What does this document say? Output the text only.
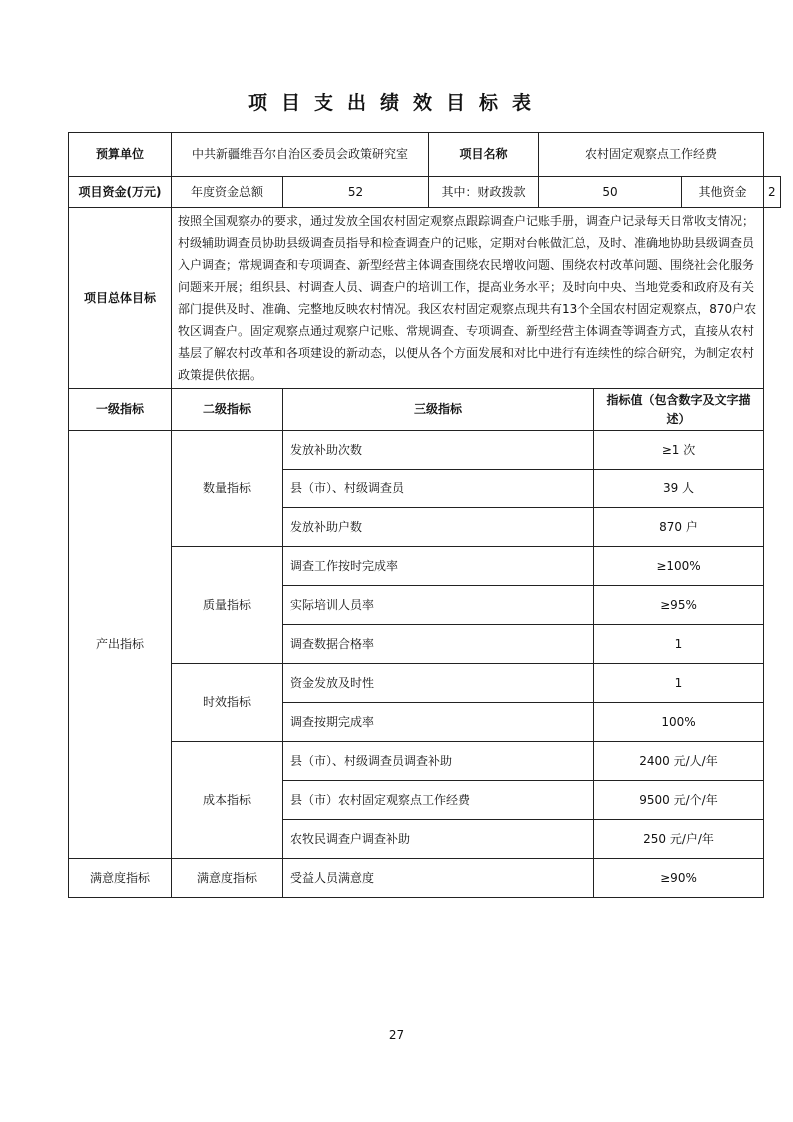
项目支出绩效目标表
预算单位	中共新疆维吾尔自治区委员会政策研究室		项目名称	农村固定观察点工作经费			
项目资金(万元)	年度资金总额	52	其中：财政拨款	50		其他资金	2
项目总体目标	按照全国观察办的要求，通过发放全国农村固定观察点跟踪调查户记账手册，调查户记录每天日常收支情况；村级辅助调查员协助县级调查员指导和检查调查户的记账，定期对台帐做汇总，及时、准确地协助县级调查员入户调查；常规调查和专项调查、新型经营主体调查围绕农民增收问题、围绕农村改革问题、围绕社会化服务问题来开展；组织县、村调查人员、调查户的培训工作，提高业务水平；及时向中央、当地党委和政府及有关部门提供及时、准确、完整地反映农村情况。我区农村固定观察点现共有13个全国农村固定观察点，870户农牧区调查户。固定观察点通过观察户记账、常规调查、专项调查、新型经营主体调查等调查方式，直接从农村基层了解农村改革和各项建设的新动态，以便从各个方面发展和对比中进行有连续性的综合研究，为制定农村政策提供依据。						
一级指标	二级指标	三级指标			指标值（包含数字及文字描述）		
产出指标	数量指标	发放补助次数			≥1 次		
		县（市）、村级调查员			39 人		
		发放补助户数			870 户		
	质量指标	调查工作按时完成率			≥100%		
		实际培训人员率			≥95%		
		调查数据合格率			1		
	时效指标	资金发放及时性			1		
		调查按期完成率			100%		
	成本指标	县（市）、村级调查员调查补助			2400 元/人/年		
		县（市）农村固定观察点工作经费			9500 元/个/年		
		农牧民调查户调查补助			250 元/户/年		
满意度指标	满意度指标	受益人员满意度			≥90%		
27
